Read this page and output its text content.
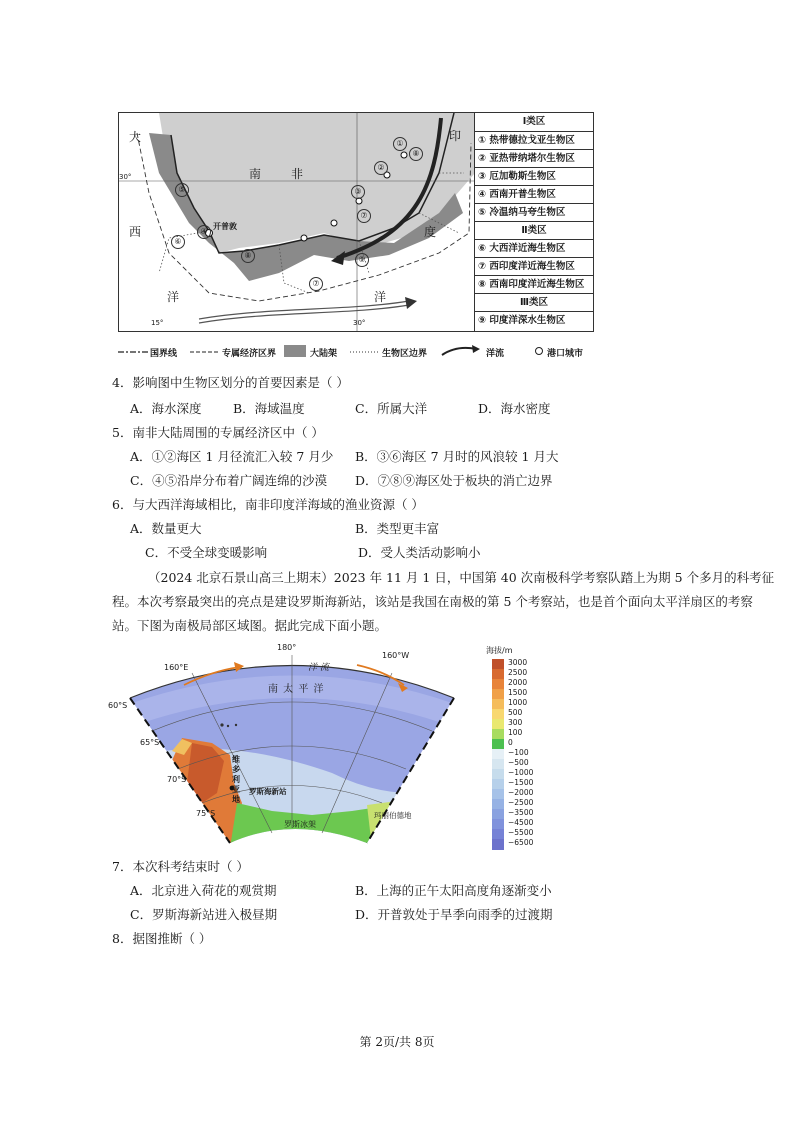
大
西
洋
南 非
印
度
洋
开普敦
30°
15°	30°
①
②
③
④
⑤
⑥
⑦
⑦
⑧
⑧
⑨
Ⅰ类区
① 热带德拉戈亚生物区
② 亚热带纳塔尔生物区
③ 厄加勒斯生物区
④ 西南开普生物区
⑤ 冷温纳马夸生物区
Ⅱ类区
⑥ 大西洋近海生物区
⑦ 西印度洋近海生物区
⑧ 西南印度洋近海生物区
Ⅲ类区
⑨ 印度洋深水生物区
国界线	专属经济区界	大陆架	生物区边界	洋流	港口城市
4．影响图中生物区划分的首要因素是（ ）
A．海水深度	B．海域温度	C．所属大洋	D．海水密度
5．南非大陆周围的专属经济区中（ ）
A．①②海区 1 月径流汇入较 7 月少 B．③⑥海区 7 月时的风浪较 1 月大
C．④⑤沿岸分布着广阔连绵的沙漠 D．⑦⑧⑨海区处于板块的消亡边界
6．与大西洋海域相比，南非印度洋海域的渔业资源（ ）
A．数量更大	B．类型更丰富
C．不受全球变暖影响	D．受人类活动影响小
（2024 北京石景山高三上期末）2023 年 11 月 1 日，中国第 40 次南极科学考察队踏上为期 5 个多月的科考征程。本次考察最突出的亮点是建设罗斯海新站，该站是我国在南极的第 5 个考察站，也是首个面向太平洋扇区的考察站。下图为南极局部区域图。据此完成下面小题。
180°
160°E
160°W
60°S
65°S
70°S
75°S
洋 流
南 太 平 洋
维多利亚地
罗斯海新站
罗斯冰架
玛丽伯德地
海拔/m
3000
2500
2000
1500
1000
500
300
100
0
−100
−500
−1000
−1500
−2000
−2500
−3500
−4500
−5500
−6500
7．本次科考结束时（ ）
A．北京进入荷花的观赏期	B．上海的正午太阳高度角逐渐变小
C．罗斯海新站进入极昼期	D．开普敦处于旱季向雨季的过渡期
8．据图推断（ ）
第 2页/共 8页
